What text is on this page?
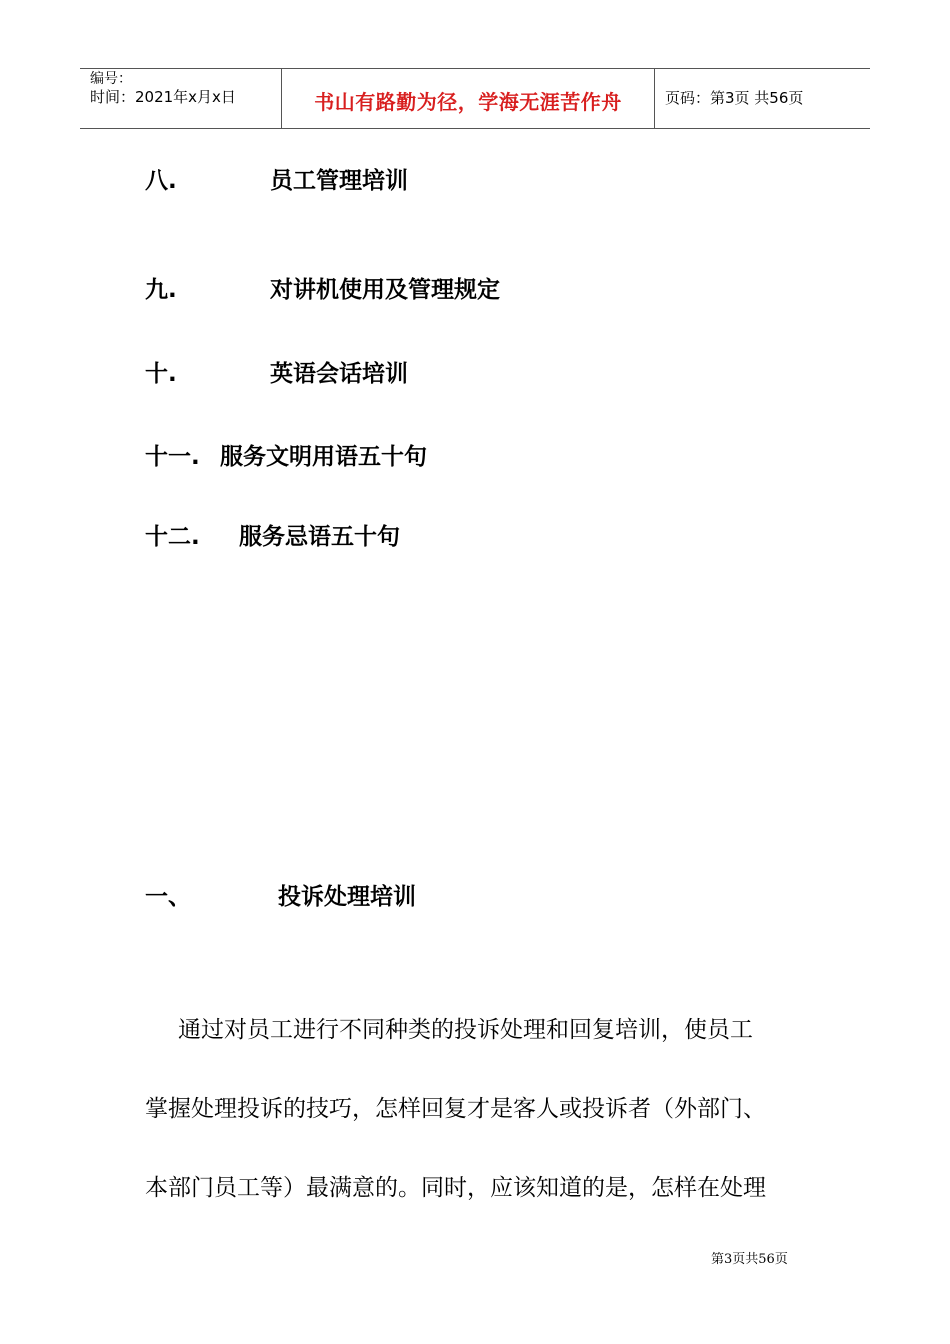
编号：
时间：2021年x月x日	书山有路勤为径，学海无涯苦作舟	页码：第3页 共56页
八.	员工管理培训
九.	对讲机使用及管理规定
十.	英语会话培训
十一. 服务文明用语五十句
十二. 服务忌语五十句
一、	投诉处理培训
通过对员工进行不同种类的投诉处理和回复培训，使员工
掌握处理投诉的技巧，怎样回复才是客人或投诉者（外部门、
本部门员工等）最满意的。同时，应该知道的是，怎样在处理
第3页共56页
